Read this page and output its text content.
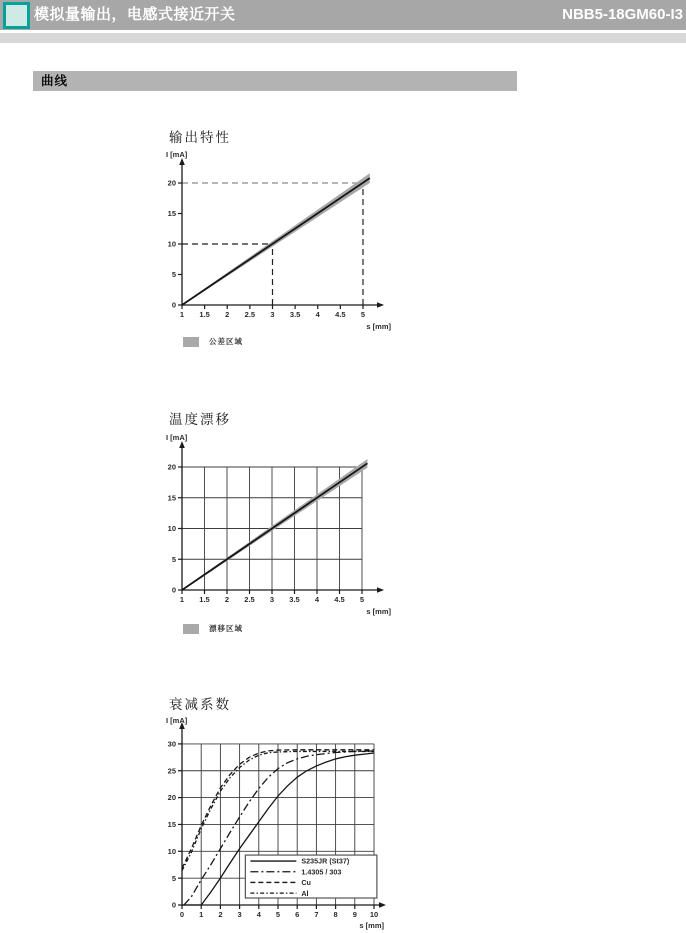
模拟量输出，电感式接近开关	NBB5-18GM60-I3
曲线
输出特性
0
5
10
15
20
1 1.5 2 2.5 3 3.5 4 4.5 5
I [mA]
s [mm]
公差区域
温度漂移
0
5
10
15
20
1 1.5 2 2.5 3 3.5 4 4.5 5
I [mA]
s [mm]
漂移区域
衰减系数
0
5
10
15
20
25
30
0 1 2 3 4 5 6 7 8 9 10
I [mA]
s [mm]
S235JR (St37)
1.4305 / 303
Cu
Al
